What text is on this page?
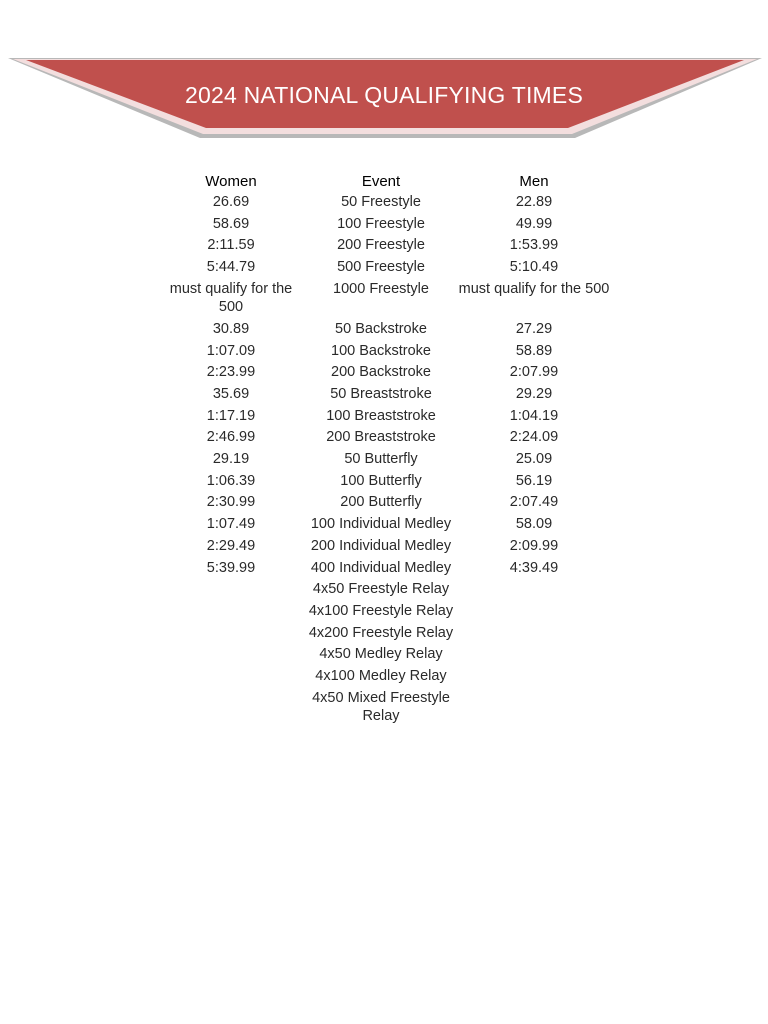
2024 NATIONAL QUALIFYING TIMES
Women	Event	Men
26.69	50 Freestyle	22.89
58.69	100 Freestyle	49.99
2:11.59	200 Freestyle	1:53.99
5:44.79	500 Freestyle	5:10.49
must qualify for the 500	1000 Freestyle	must qualify for the 500
30.89	50 Backstroke	27.29
1:07.09	100 Backstroke	58.89
2:23.99	200 Backstroke	2:07.99
35.69	50 Breaststroke	29.29
1:17.19	100 Breaststroke	1:04.19
2:46.99	200 Breaststroke	2:24.09
29.19	50 Butterfly	25.09
1:06.39	100 Butterfly	56.19
2:30.99	200 Butterfly	2:07.49
1:07.49	100 Individual Medley	58.09
2:29.49	200 Individual Medley	2:09.99
5:39.99	400 Individual Medley	4:39.49
	4x50 Freestyle Relay	
	4x100 Freestyle Relay	
	4x200 Freestyle Relay	
	4x50 Medley Relay	
	4x100 Medley Relay	
	4x50 Mixed Freestyle Relay	
